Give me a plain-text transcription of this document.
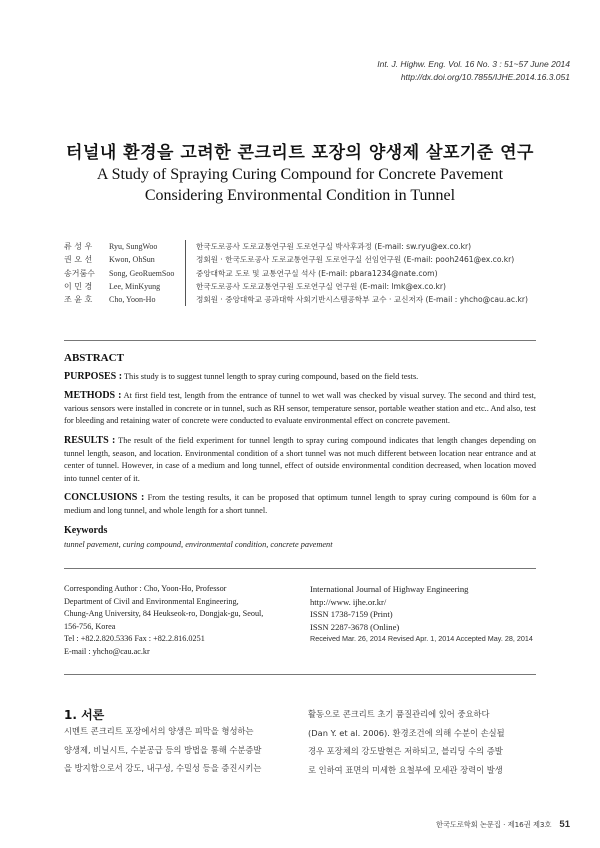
Int. J. Highw. Eng. Vol. 16 No. 3 : 51~57 June 2014
http://dx.doi.org/10.7855/IJHE.2014.16.3.051
터널내 환경을 고려한 콘크리트 포장의 양생제 살포기준 연구
A Study of Spraying Curing Compound for Concrete Pavement
Considering Environmental Condition in Tunnel
류 성 우	Ryu, SungWoo	한국도로공사 도로교통연구원 도로연구실 박사후과정 (E-mail: sw.ryu@ex.co.kr)
권 오 선	Kwon, OhSun	정회원 · 한국도로공사 도로교통연구원 도로연구실 선임연구원 (E-mail: pooh2461@ex.co.kr)
송거룸수	Song, GeoRuemSoo	중앙대학교 도로 및 교통연구실 석사 (E-mail: pbara1234@nate.com)
이 민 경	Lee, MinKyung	한국도로공사 도로교통연구원 도로연구실 연구원 (E-mail: lmk@ex.co.kr)
조 윤 호	Cho, Yoon-Ho	정회원 · 중앙대학교 공과대학 사회기반시스템공학부 교수 · 교신저자 (E-mail : yhcho@cau.ac.kr)
ABSTRACT

PURPOSES : This study is to suggest tunnel length to spray curing compound, based on the field tests.

METHODS : At first field test, length from the entrance of tunnel to wet wall was checked by visual survey. The second and third test, various sensors were installed in concrete or in tunnel, such as RH sensor, temperature sensor, portable weather station and etc.. And also, test for bleeding and retaining water of concrete were conducted to evaluate environmental effect on concrete pavement.

RESULTS : The result of the field experiment for tunnel length to spray curing compound indicates that length changes depending on tunnel length, season, and location. Environmental condition of a short tunnel was not much different between location near entrance and at center of tunnel. However, in case of a medium and long tunnel, effect of outside environmental condition decreased, when location moved into tunnel center of it.

CONCLUSIONS : From the testing results, it can be proposed that optimum tunnel length to spray curing compound is 60m for a medium and long tunnel, and whole length for a short tunnel.

Keywords

tunnel pavement, curing compound, environmental condition, concrete pavement

Corresponding Author : Cho, Yoon-Ho, Professor
Department of Civil and Environmental Engineering,
Chung-Ang University, 84 Heukseok-ro, Dongjak-gu, Seoul,
156-756, Korea
Tel : +82.2.820.5336 Fax : +82.2.816.0251
E-mail : yhcho@cau.ac.kr
International Journal of Highway Engineering
http://www. ijhe.or.kr/
ISSN 1738-7159 (Print)
ISSN 2287-3678 (Online)
Received Mar. 26, 2014 Revised Apr. 1, 2014 Accepted May. 28, 2014
1. 서론
시멘트 콘크리트 포장에서의 양생은 피막을 형성하는
양생제, 비닐시트, 수분공급 등의 방법을 통해 수분증발
을 방지함으로서 강도, 내구성, 수밀성 등을 증진시키는
활동으로 콘크리트 초기 품질관리에 있어 중요하다
(Dan Y. et al. 2006). 환경조건에 의해 수분이 손실될
경우 포장체의 강도발현은 저하되고, 블리딩 수의 증발
로 인하여 표면의 미세한 요철부에 모세관 장력이 발생
한국도로학회 논문집 · 제16권 제3호 51
